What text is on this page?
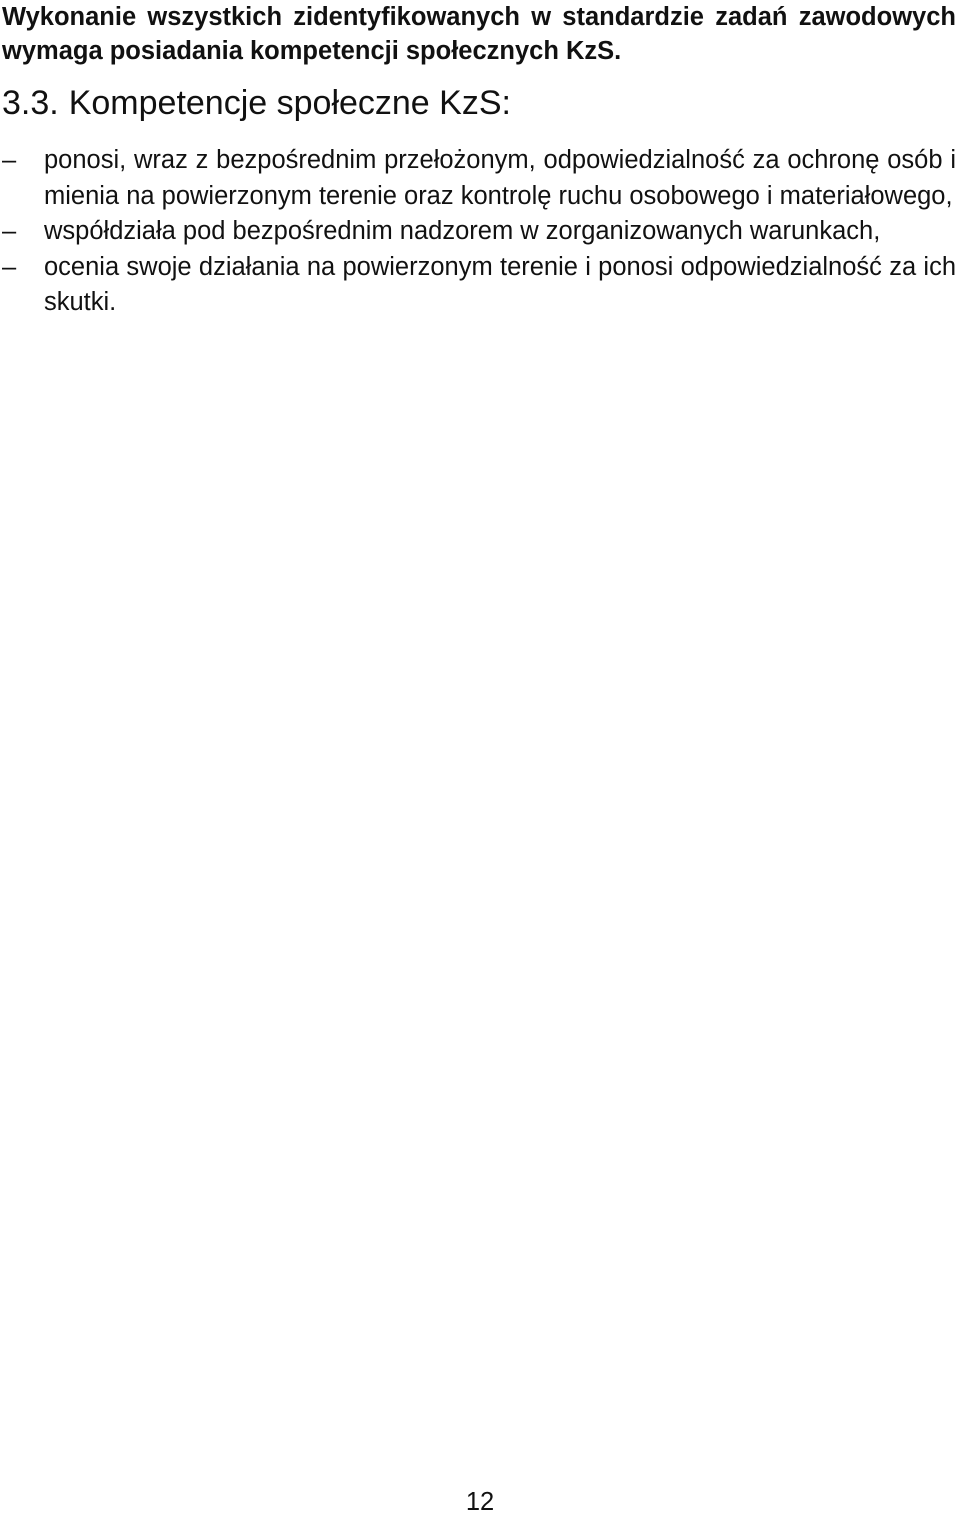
Wykonanie wszystkich zidentyfikowanych w standardzie zadań zawodowych wymaga posiadania kompetencji społecznych KzS.

3.3. Kompetencje społeczne KzS:
–	ponosi, wraz z bezpośrednim przełożonym, odpowiedzialność za ochronę osób i mienia na powierzonym terenie oraz kontrolę ruchu osobowego i materiałowego,
–	współdziała pod bezpośrednim nadzorem w zorganizowanych warunkach,
–	ocenia swoje działania na powierzonym terenie i ponosi odpowiedzialność za ich skutki.
12
